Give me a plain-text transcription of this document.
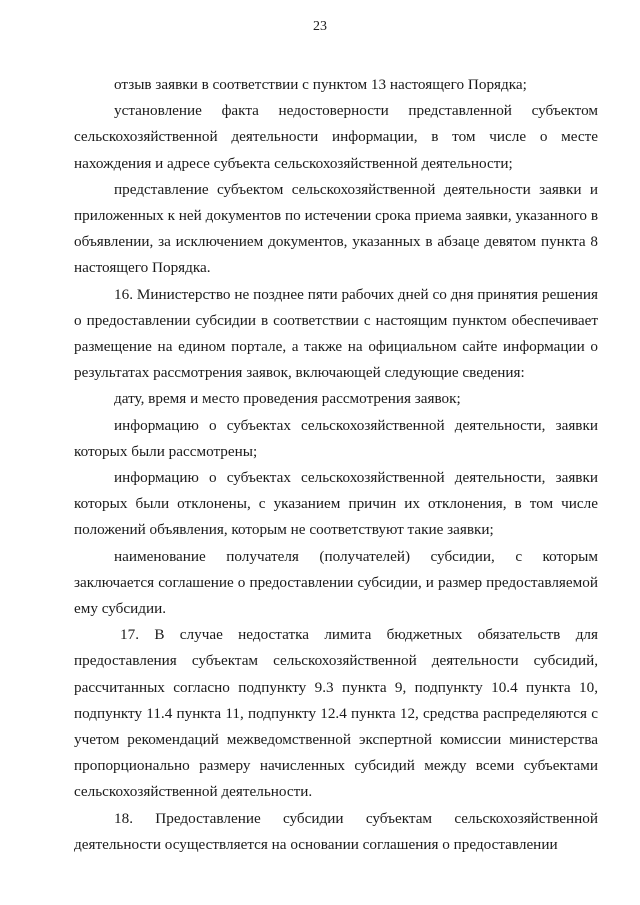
23

отзыв заявки в соответствии с пунктом 13 настоящего Порядка;

установление факта недостоверности представленной субъектом сельскохозяйственной деятельности информации, в том числе о месте нахождения и адресе субъекта сельскохозяйственной деятельности;

представление субъектом сельскохозяйственной деятельности заявки и приложенных к ней документов по истечении срока приема заявки, указанного в объявлении, за исключением документов, указанных в абзаце девятом пункта 8 настоящего Порядка.

16. Министерство не позднее пяти рабочих дней со дня принятия решения о предоставлении субсидии в соответствии с настоящим пунктом обеспечивает размещение на едином портале, а также на официальном сайте информации о результатах рассмотрения заявок, включающей следующие сведения:

дату, время и место проведения рассмотрения заявок;

информацию о субъектах сельскохозяйственной деятельности, заявки которых были рассмотрены;

информацию о субъектах сельскохозяйственной деятельности, заявки которых были отклонены, с указанием причин их отклонения, в том числе положений объявления, которым не соответствуют такие заявки;

наименование получателя (получателей) субсидии, с которым заключается соглашение о предоставлении субсидии, и размер предоставляемой ему субсидии.

17. В случае недостатка лимита бюджетных обязательств для предоставления субъектам сельскохозяйственной деятельности субсидий, рассчитанных согласно подпункту 9.3 пункта 9, подпункту 10.4 пункта 10, подпункту 11.4 пункта 11, подпункту 12.4 пункта 12, средства распределяются с учетом рекомендаций межведомственной экспертной комиссии министерства пропорционально размеру начисленных субсидий между всеми субъектами сельскохозяйственной деятельности.

18. Предоставление субсидии субъектам сельскохозяйственной деятельности осуществляется на основании соглашения о предоставлении
